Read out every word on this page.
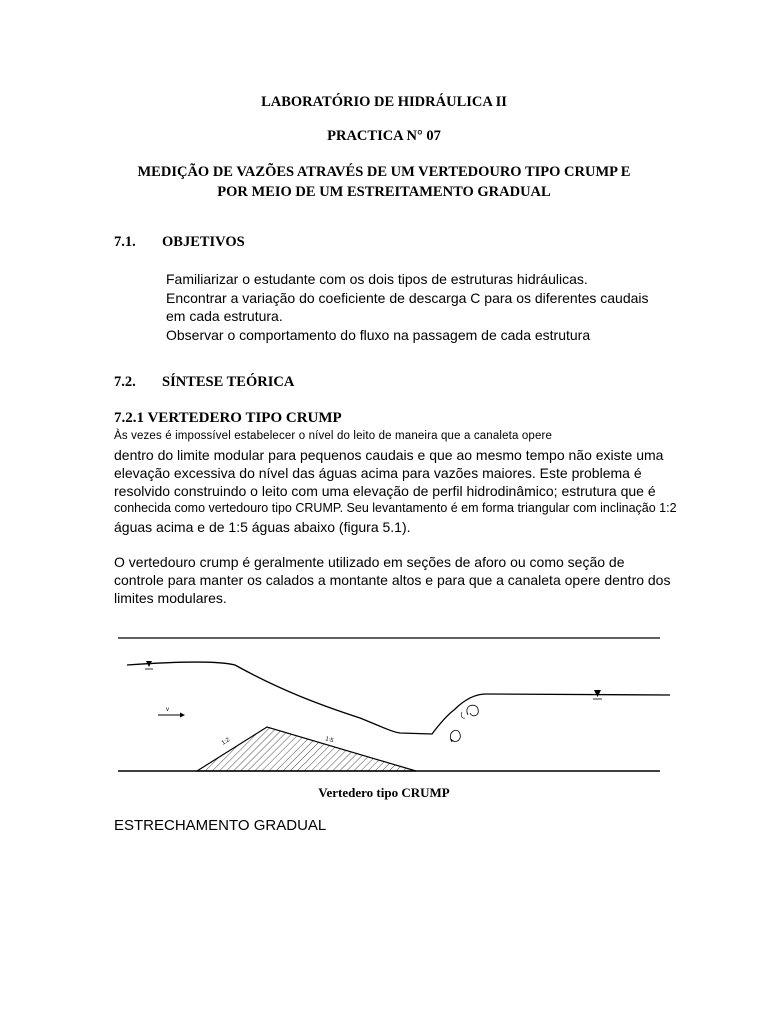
LABORATÓRIO DE HIDRÁULICA II
PRACTICA N° 07
MEDIÇÃO DE VAZÕES ATRAVÉS DE UM VERTEDOURO TIPO CRUMP E
POR MEIO DE UM ESTREITAMENTO GRADUAL
7.1. OBJETIVOS
Familiarizar o estudante com os dois tipos de estruturas hidráulicas.
Encontrar a variação do coeficiente de descarga C para os diferentes caudais
em cada estrutura.
Observar o comportamento do fluxo na passagem de cada estrutura
7.2. SÍNTESE TEÓRICA
7.2.1 VERTEDERO TIPO CRUMP
Às vezes é impossível estabelecer o nível do leito de maneira que a canaleta opere
dentro do limite modular para pequenos caudais e que ao mesmo tempo não existe uma
elevação excessiva do nível das águas acima para vazões maiores. Este problema é
resolvido construindo o leito com uma elevação de perfil hidrodinâmico; estrutura que é
conhecida como vertedouro tipo CRUMP. Seu levantamento é em forma triangular com inclinação 1:2
águas acima e de 1:5 águas abaixo (figura 5.1).
O vertedouro crump é geralmente utilizado em seções de aforo ou como seção de
controle para manter os calados a montante altos e para que a canaleta opere dentro dos
limites modulares.
v
1:2	1:5
Vertedero tipo CRUMP
ESTRECHAMENTO GRADUAL
